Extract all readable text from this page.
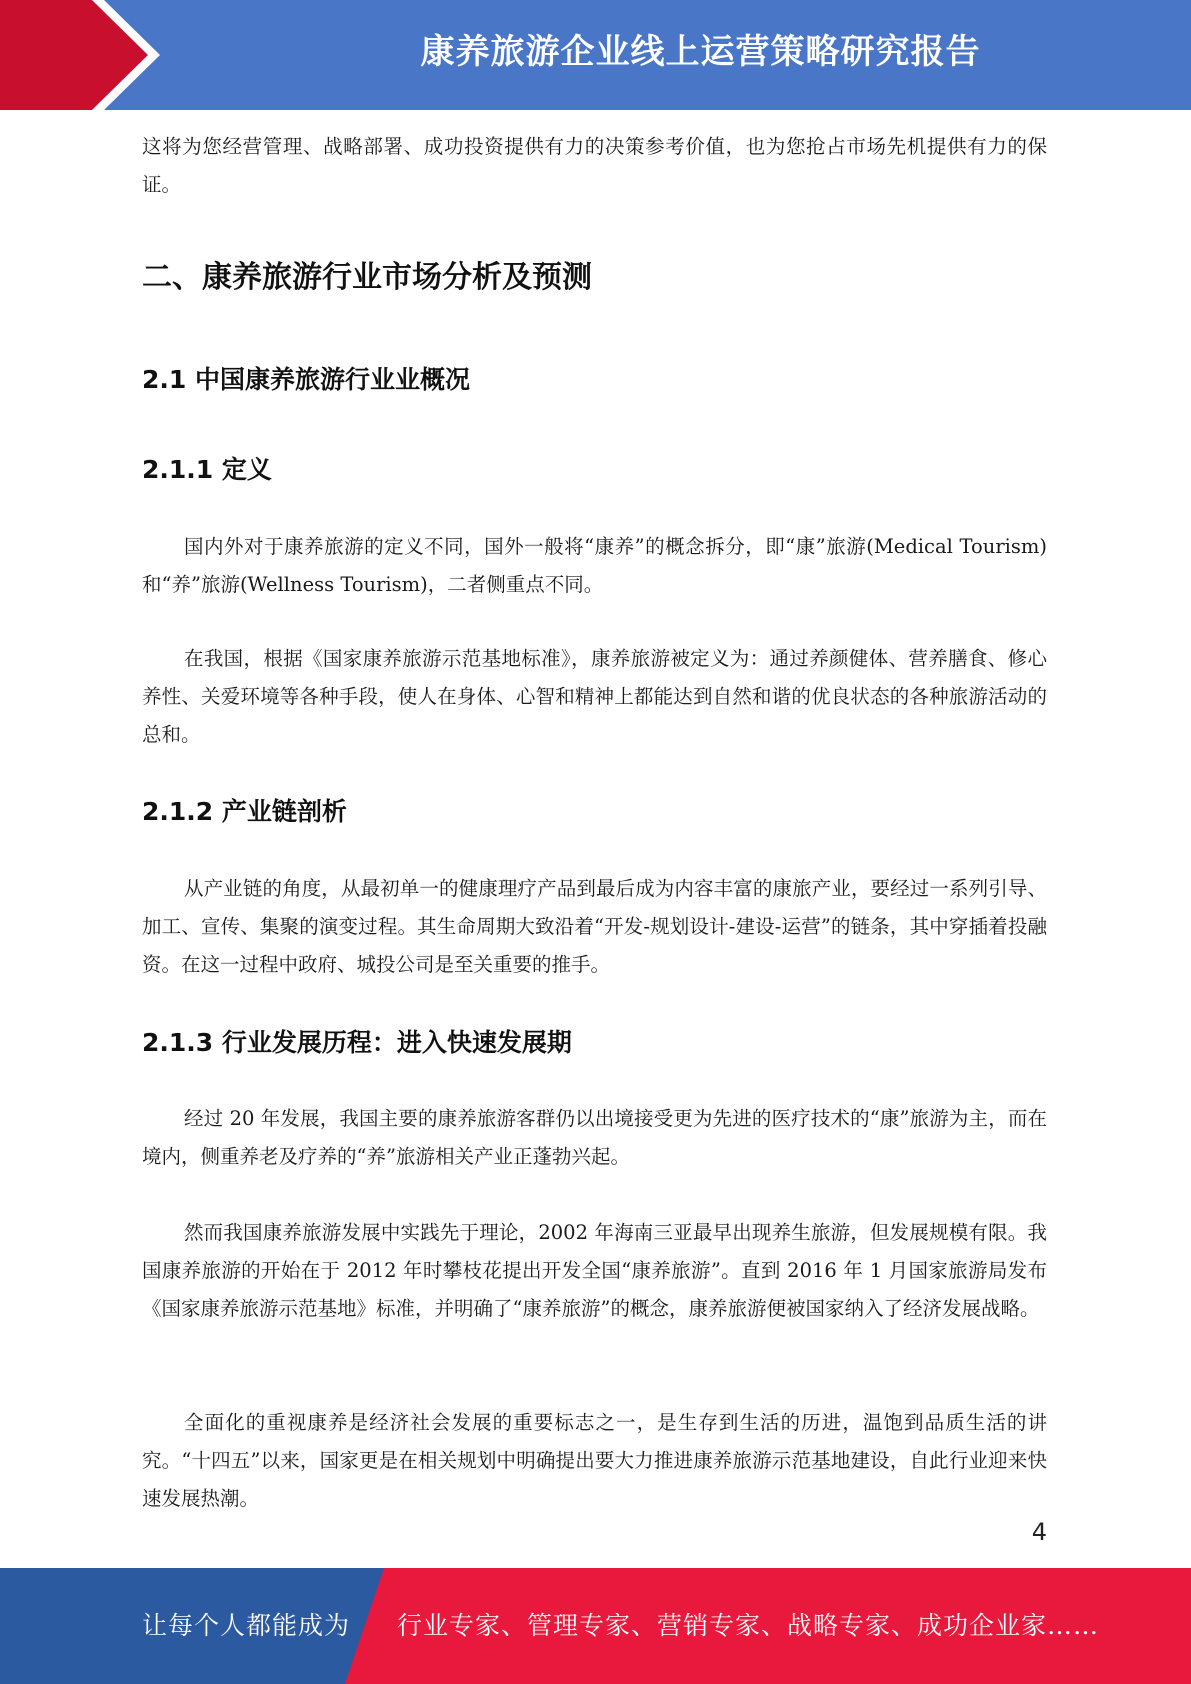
康养旅游企业线上运营策略研究报告

这将为您经营管理、战略部署、成功投资提供有力的决策参考价值，也为您抢占市场先机提供有力的保证。

二、康养旅游行业市场分析及预测
2.1 中国康养旅游行业业概况
2.1.1 定义

国内外对于康养旅游的定义不同，国外一般将“康养”的概念拆分，即“康”旅游(Medical Tourism)和“养”旅游(Wellness Tourism)，二者侧重点不同。

在我国，根据《国家康养旅游示范基地标准》，康养旅游被定义为：通过养颜健体、营养膳食、修心养性、关爱环境等各种手段，使人在身体、心智和精神上都能达到自然和谐的优良状态的各种旅游活动的总和。

2.1.2 产业链剖析

从产业链的角度，从最初单一的健康理疗产品到最后成为内容丰富的康旅产业，要经过一系列引导、加工、宣传、集聚的演变过程。其生命周期大致沿着“开发-规划设计-建设-运营”的链条，其中穿插着投融资。在这一过程中政府、城投公司是至关重要的推手。

2.1.3 行业发展历程：进入快速发展期

经过 20 年发展，我国主要的康养旅游客群仍以出境接受更为先进的医疗技术的“康”旅游为主，而在境内，侧重养老及疗养的“养”旅游相关产业正蓬勃兴起。

然而我国康养旅游发展中实践先于理论，2002 年海南三亚最早出现养生旅游，但发展规模有限。我国康养旅游的开始在于 2012 年时攀枝花提出开发全国“康养旅游”。直到 2016 年 1 月国家旅游局发布《国家康养旅游示范基地》标准，并明确了“康养旅游”的概念，康养旅游便被国家纳入了经济发展战略。

全面化的重视康养是经济社会发展的重要标志之一，是生存到生活的历进，温饱到品质生活的讲究。“十四五”以来，国家更是在相关规划中明确提出要大力推进康养旅游示范基地建设，自此行业迎来快速发展热潮。

4
让每个人都能成为 行业专家、管理专家、营销专家、战略专家、成功企业家……
